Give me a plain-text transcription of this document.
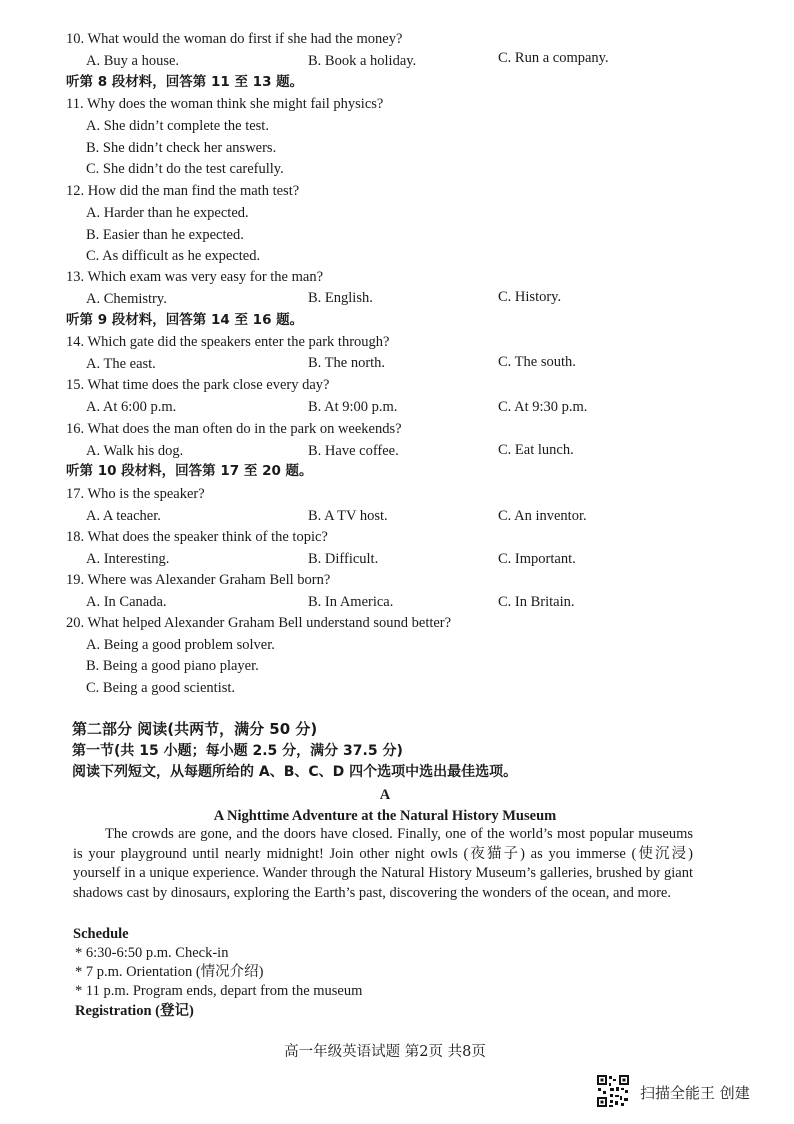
10. What would the woman do first if she had the money?
A. Buy a house.	B. Book a holiday.	C. Run a company.
听第 8 段材料，回答第 11 至 13 题。
11. Why does the woman think she might fail physics?
A. She didn’t complete the test.
B. She didn’t check her answers.
C. She didn’t do the test carefully.
12. How did the man find the math test?
A. Harder than he expected.
B. Easier than he expected.
C. As difficult as he expected.
13. Which exam was very easy for the man?
A. Chemistry.	B. English.	C. History.
听第 9 段材料，回答第 14 至 16 题。
14. Which gate did the speakers enter the park through?
A. The east.	B. The north.	C. The south.
15. What time does the park close every day?
A. At 6:00 p.m.	B. At 9:00 p.m.	C. At 9:30 p.m.
16. What does the man often do in the park on weekends?
A. Walk his dog.	B. Have coffee.	C. Eat lunch.
听第 10 段材料，回答第 17 至 20 题。
17. Who is the speaker?
A. A teacher.	B. A TV host.	C. An inventor.
18. What does the speaker think of the topic?
A. Interesting.	B. Difficult.	C. Important.
19. Where was Alexander Graham Bell born?
A. In Canada.	B. In America.	C. In Britain.
20. What helped Alexander Graham Bell understand sound better?
A. Being a good problem solver.
B. Being a good piano player.
C. Being a good scientist.
第二部分 阅读(共两节，满分 50 分)
第一节(共 15 小题；每小题 2.5 分，满分 37.5 分)
阅读下列短文，从每题所给的 A、B、C、D 四个选项中选出最佳选项。
A
A Nighttime Adventure at the Natural History Museum
The crowds are gone, and the doors have closed. Finally, one of the world’s most popular museums is your playground until nearly midnight! Join other night owls (夜猫子) as you immerse (使沉浸) yourself in a unique experience. Wander through the Natural History Museum’s galleries, brushed by giant shadows cast by dinosaurs, exploring the Earth’s past, discovering the wonders of the ocean, and more.
Schedule
* 6:30-6:50 p.m. Check-in
* 7 p.m. Orientation (情况介绍)
* 11 p.m. Program ends, depart from the museum
Registration (登记)
高一年级英语试题 第2页 共8页
扫描全能王 创建
